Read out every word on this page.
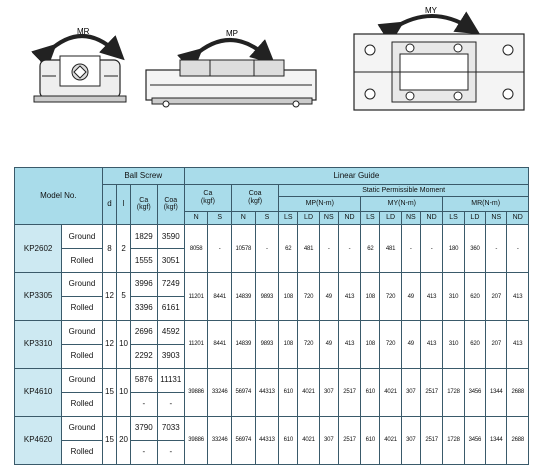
MR	MP
MY
Model No.		Ball Screw				Linear Guide															
		d	l	Ca
(kgf)	Coa
(kgf)	Ca
(kgf)		Coa
(kgf)		Static Permissible Moment											
										MP(N-m)				MY(N-m)				MR(N-m)			
						N	S	N	S	LS	LD	NS	ND	LS	LD	NS	ND	LS	LD	NS	ND
KP2602	Ground	8	2	1829	3590	8058	-	10578	-	62	481	-	-	62	481	-	-	180	360	-	-
	Rolled			1555	3051																
KP3305	Ground	12	5	3996	7249	11201	8441	14839	9893	108	720	49	413	108	720	49	413	310	620	207	413
	Rolled			3396	6161																
KP3310	Ground	12	10	2696	4592	11201	8441	14839	9893	108	720	49	413	108	720	49	413	310	620	207	413
	Rolled			2292	3903																
KP4610	Ground	15	10	5876	11131	39886	33246	56974	44313	610	4021	307	2517	610	4021	307	2517	1728	3456	1344	2688
	Rolled			-	-																
KP4620	Ground	15	20	3790	7033	39886	33246	56974	44313	610	4021	307	2517	610	4021	307	2517	1728	3456	1344	2688
	Rolled			-	-																
